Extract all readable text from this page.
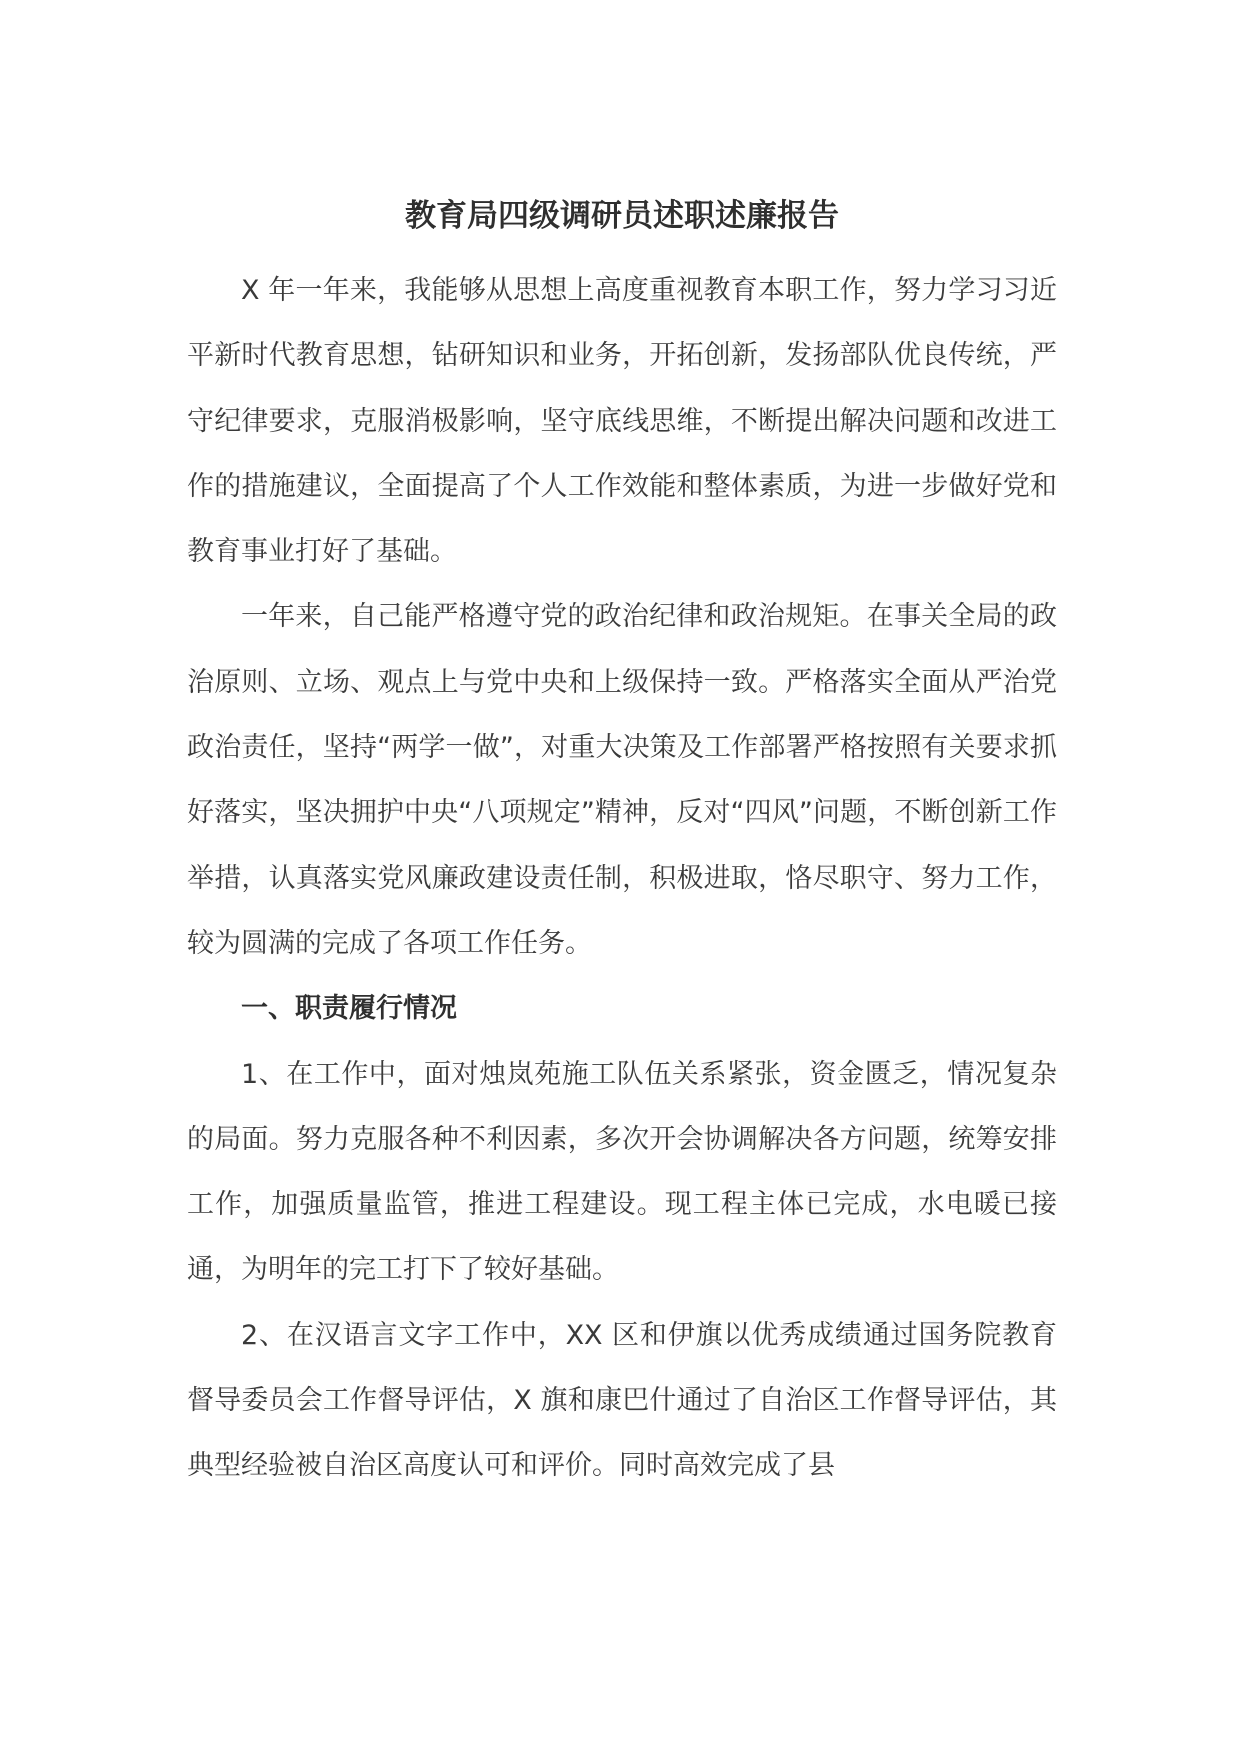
教育局四级调研员述职述廉报告

X 年一年来，我能够从思想上高度重视教育本职工作，努力学习习近平新时代教育思想，钻研知识和业务，开拓创新，发扬部队优良传统，严守纪律要求，克服消极影响，坚守底线思维，不断提出解决问题和改进工作的措施建议，全面提高了个人工作效能和整体素质，为进一步做好党和教育事业打好了基础。

一年来，自己能严格遵守党的政治纪律和政治规矩。在事关全局的政治原则、立场、观点上与党中央和上级保持一致。严格落实全面从严治党政治责任，坚持“两学一做”，对重大决策及工作部署严格按照有关要求抓好落实，坚决拥护中央“八项规定”精神，反对“四风”问题，不断创新工作举措，认真落实党风廉政建设责任制，积极进取，恪尽职守、努力工作，较为圆满的完成了各项工作任务。

一、职责履行情况

1、在工作中，面对烛岚苑施工队伍关系紧张，资金匮乏，情况复杂的局面。努力克服各种不利因素，多次开会协调解决各方问题，统筹安排工作，加强质量监管，推进工程建设。现工程主体已完成，水电暖已接通，为明年的完工打下了较好基础。

2、在汉语言文字工作中，XX 区和伊旗以优秀成绩通过国务院教育督导委员会工作督导评估，X 旗和康巴什通过了自治区工作督导评估，其典型经验被自治区高度认可和评价。同时高效完成了县
